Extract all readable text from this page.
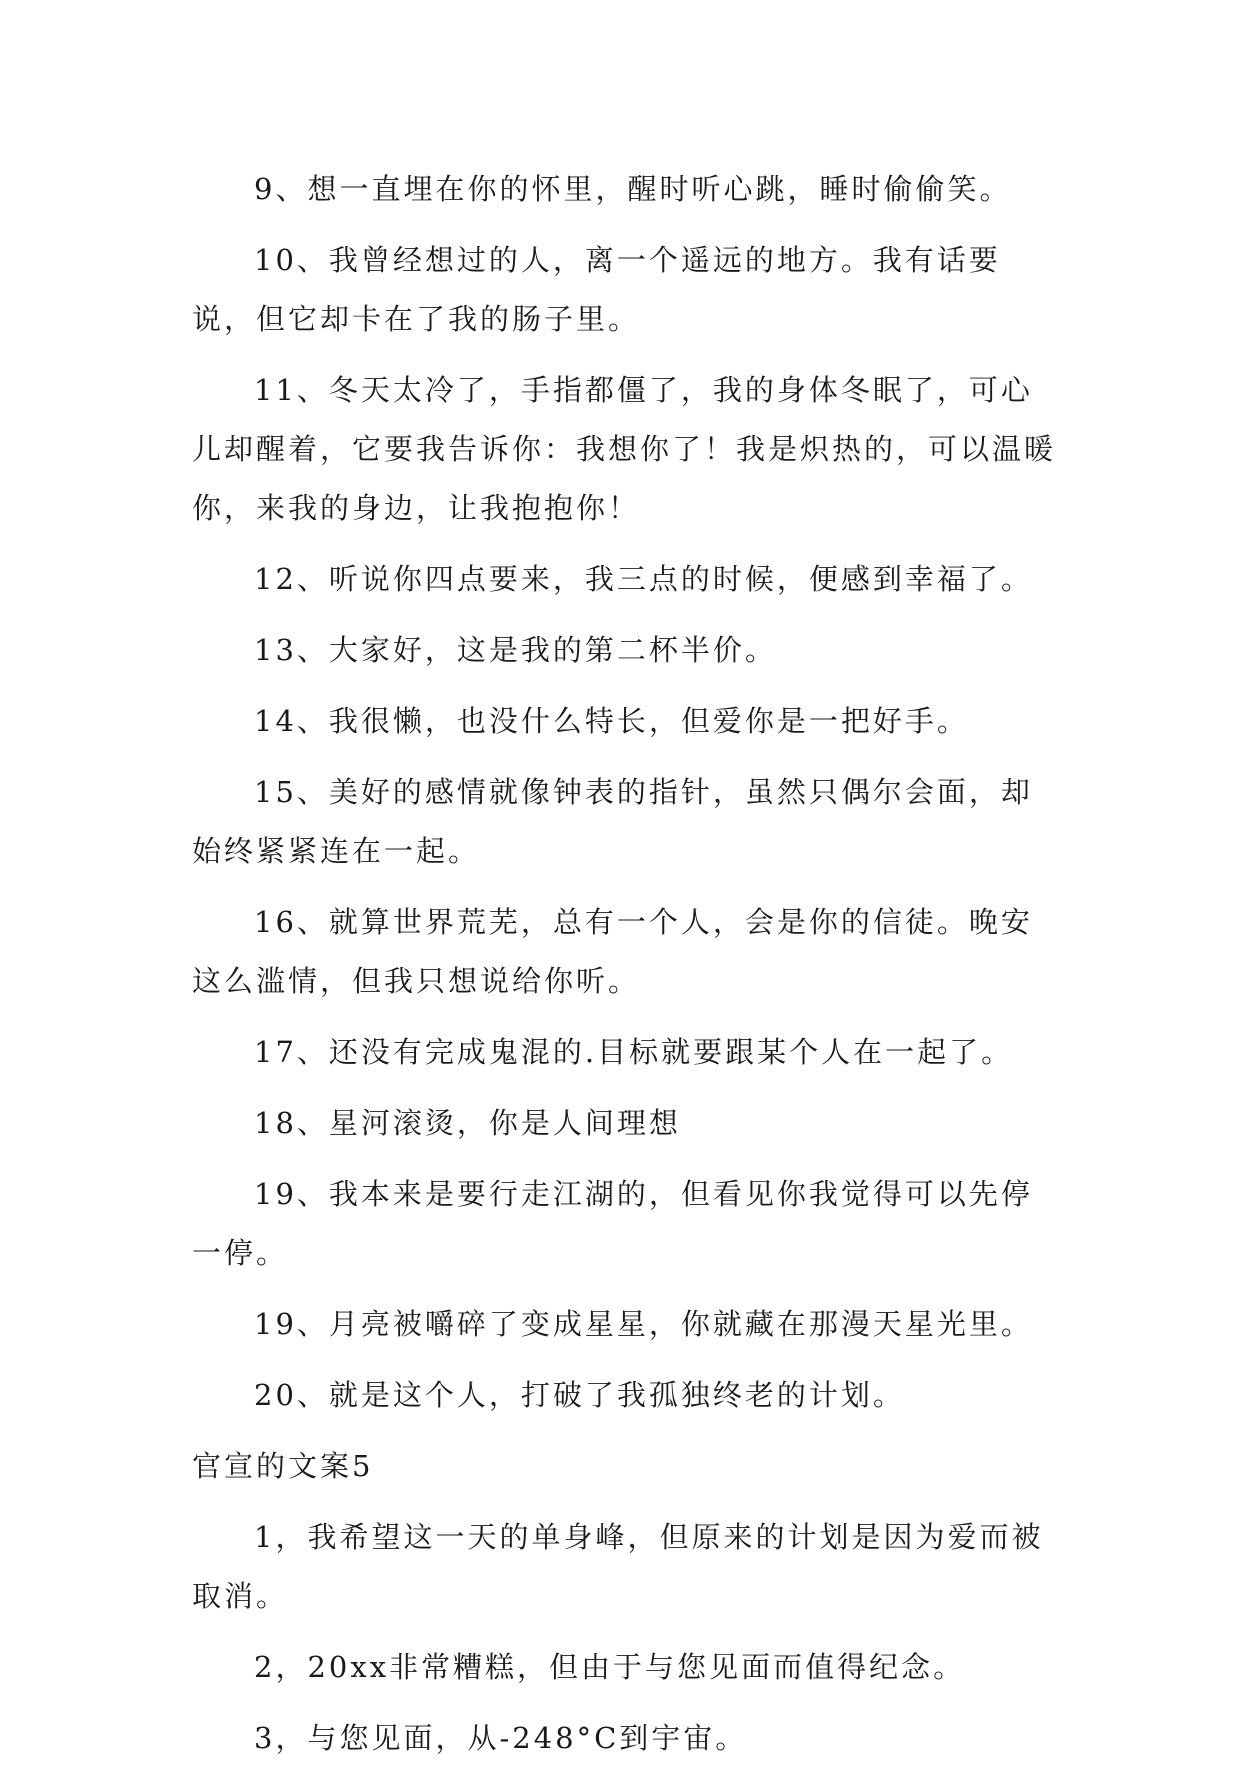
9、想一直埋在你的怀里，醒时听心跳，睡时偷偷笑。

10、我曾经想过的人，离一个遥远的地方。我有话要说，但它却卡在了我的肠子里。

11、冬天太冷了，手指都僵了，我的身体冬眠了，可心儿却醒着，它要我告诉你：我想你了！我是炽热的，可以温暖你，来我的身边，让我抱抱你！

12、听说你四点要来，我三点的时候，便感到幸福了。

13、大家好，这是我的第二杯半价。

14、我很懒，也没什么特长，但爱你是一把好手。

15、美好的感情就像钟表的指针，虽然只偶尔会面，却始终紧紧连在一起。

16、就算世界荒芜，总有一个人，会是你的信徒。晚安这么滥情，但我只想说给你听。

17、还没有完成鬼混的.目标就要跟某个人在一起了。

18、星河滚烫，你是人间理想

19、我本来是要行走江湖的，但看见你我觉得可以先停一停。

19、月亮被嚼碎了变成星星，你就藏在那漫天星光里。

20、就是这个人，打破了我孤独终老的计划。

官宣的文案5

1，我希望这一天的单身峰，但原来的计划是因为爱而被取消。

2，20xx非常糟糕，但由于与您见面而值得纪念。

3，与您见面，从-248°C到宇宙。
